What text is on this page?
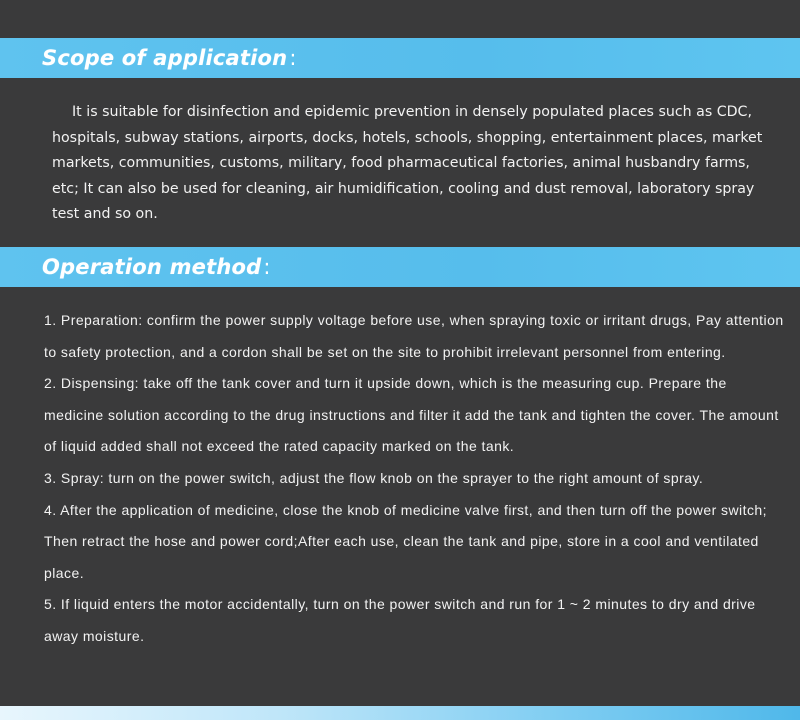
Scope of application :

It is suitable for disinfection and epidemic prevention in densely populated places such as CDC, hospitals, subway stations, airports, docks, hotels, schools, shopping, entertainment places, market markets, communities, customs, military, food pharmaceutical factories, animal husbandry farms, etc; It can also be used for cleaning, air humidification, cooling and dust removal, laboratory spray test and so on.

Operation method :
1. Preparation: confirm the power supply voltage before use, when spraying toxic or irritant drugs, Pay attention to safety protection, and a cordon shall be set on the site to prohibit irrelevant personnel from entering.
2. Dispensing: take off the tank cover and turn it upside down, which is the measuring cup. Prepare the medicine solution according to the drug instructions and filter it add the tank and tighten the cover. The amount of liquid added shall not exceed the rated capacity marked on the tank.
3. Spray: turn on the power switch, adjust the flow knob on the sprayer to the right amount of spray.
4. After the application of medicine, close the knob of medicine valve first, and then turn off the power switch; Then retract the hose and power cord;After each use, clean the tank and pipe, store in a cool and ventilated place.
5. If liquid enters the motor accidentally, turn on the power switch and run for 1 ~ 2 minutes to dry and drive away moisture.
